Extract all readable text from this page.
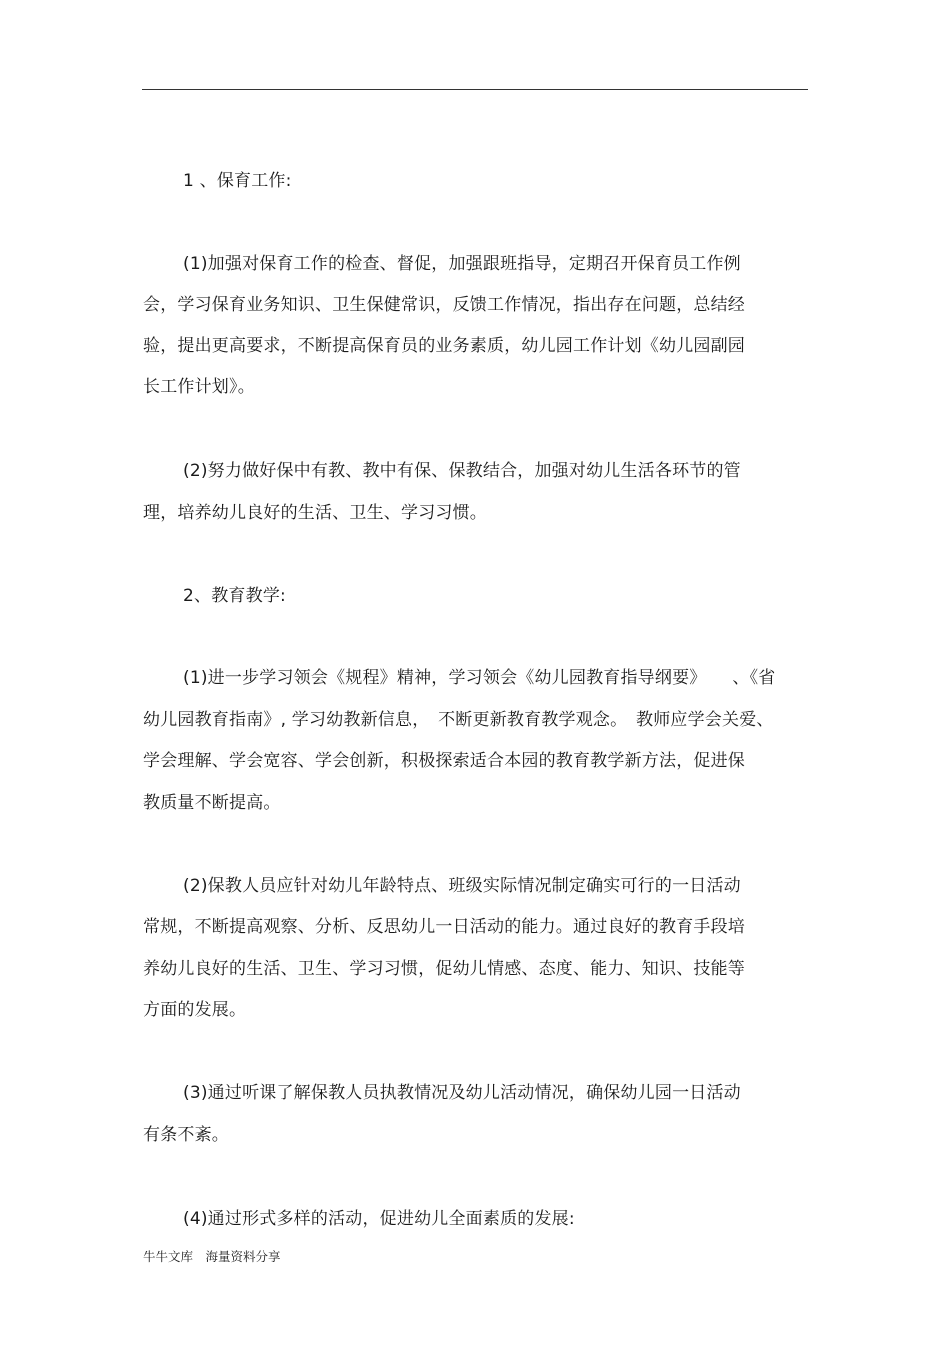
1 、保育工作:
(1)加强对保育工作的检查、督促，加强跟班指导，定期召开保育员工作例
会，学习保育业务知识、卫生保健常识，反馈工作情况，指出存在问题，总结经
验，提出更高要求，不断提高保育员的业务素质，幼儿园工作计划《幼儿园副园
长工作计划》。
(2)努力做好保中有教、教中有保、保教结合，加强对幼儿生活各环节的管
理，培养幼儿良好的生活、卫生、学习习惯。
2、教育教学:
(1)进一步学习领会《规程》精神，学习领会《幼儿园教育指导纲要》　　、《省
幼儿园教育指南》, 学习幼教新信息，　不断更新教育教学观念。　教师应学会关爱、
学会理解、学会宽容、学会创新，积极探索适合本园的教育教学新方法，促进保
教质量不断提高。
(2)保教人员应针对幼儿年龄特点、班级实际情况制定确实可行的一日活动
常规，不断提高观察、分析、反思幼儿一日活动的能力。通过良好的教育手段培
养幼儿良好的生活、卫生、学习习惯，促幼儿情感、态度、能力、知识、技能等
方面的发展。
(3)通过听课了解保教人员执教情况及幼儿活动情况，确保幼儿园一日活动
有条不紊。
(4)通过形式多样的活动，促进幼儿全面素质的发展:
牛牛文库　海量资料分享
